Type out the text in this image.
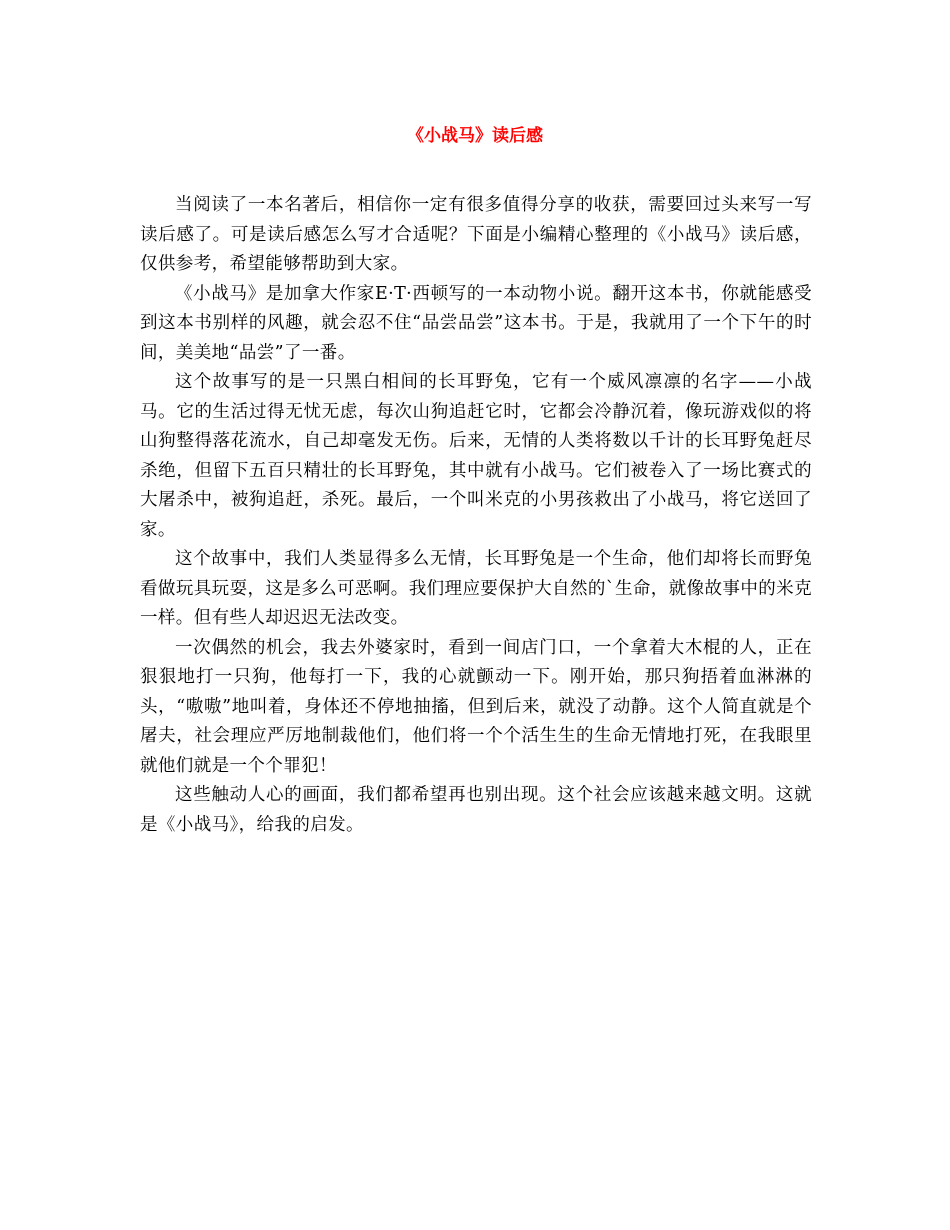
《小战马》读后感

当阅读了一本名著后，相信你一定有很多值得分享的收获，需要回过头来写一写读后感了。可是读后感怎么写才合适呢？下面是小编精心整理的《小战马》读后感，仅供参考，希望能够帮助到大家。

《小战马》是加拿大作家E·T·西顿写的一本动物小说。翻开这本书，你就能感受到这本书别样的风趣，就会忍不住“品尝品尝”这本书。于是，我就用了一个下午的时间，美美地“品尝”了一番。

这个故事写的是一只黑白相间的长耳野兔，它有一个威风凛凛的名字——小战马。它的生活过得无忧无虑，每次山狗追赶它时，它都会冷静沉着，像玩游戏似的将山狗整得落花流水，自己却毫发无伤。后来，无情的人类将数以千计的长耳野兔赶尽杀绝，但留下五百只精壮的长耳野兔，其中就有小战马。它们被卷入了一场比赛式的大屠杀中，被狗追赶，杀死。最后，一个叫米克的小男孩救出了小战马，将它送回了家。

这个故事中，我们人类显得多么无情，长耳野兔是一个生命，他们却将长而野兔看做玩具玩耍，这是多么可恶啊。我们理应要保护大自然的`生命，就像故事中的米克一样。但有些人却迟迟无法改变。

一次偶然的机会，我去外婆家时，看到一间店门口，一个拿着大木棍的人，正在狠狠地打一只狗，他每打一下，我的心就颤动一下。刚开始，那只狗捂着血淋淋的头，“嗷嗷”地叫着，身体还不停地抽搐，但到后来，就没了动静。这个人简直就是个屠夫，社会理应严厉地制裁他们，他们将一个个活生生的生命无情地打死，在我眼里就他们就是一个个罪犯！

这些触动人心的画面，我们都希望再也别出现。这个社会应该越来越文明。这就是《小战马》，给我的启发。
